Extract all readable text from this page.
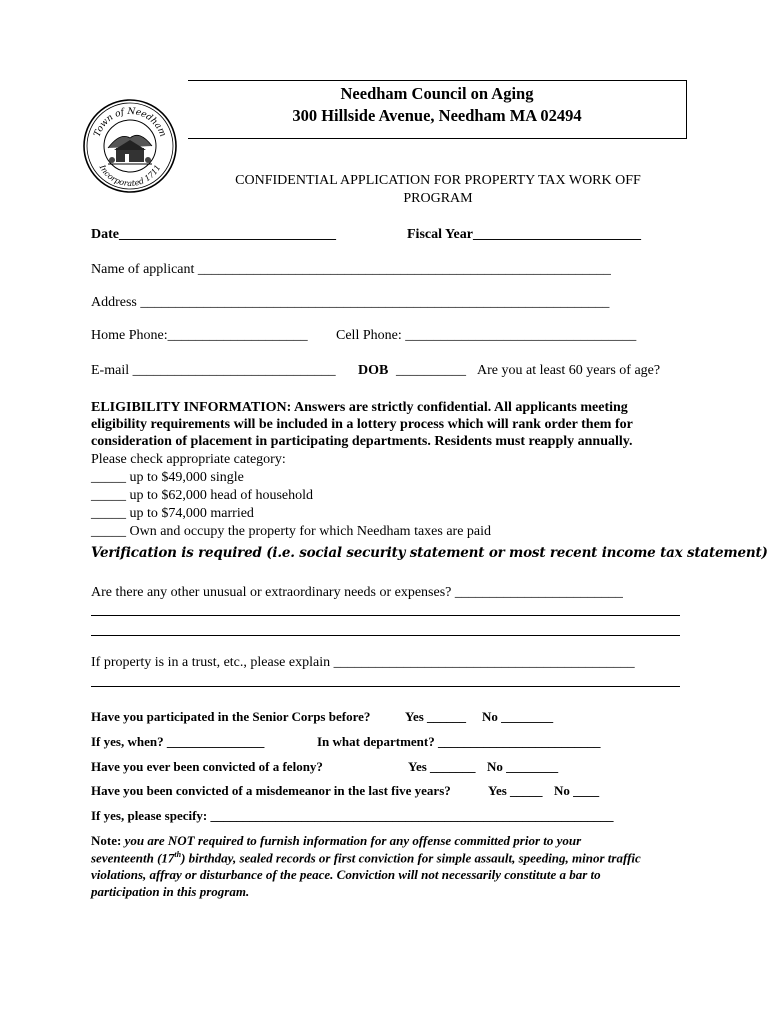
Town of Needham
Incorporated 1711
Needham Council on Aging
300 Hillside Avenue, Needham MA 02494
CONFIDENTIAL APPLICATION FOR PROPERTY TAX WORK OFF
PROGRAM
Date_______________________________	Fiscal Year________________________
Name of applicant ___________________________________________________________
Address ___________________________________________________________________
Home Phone:____________________ Cell Phone: _________________________________
E-mail _____________________________ DOB __________ Are you at least 60 years of age?
ELIGIBILITY INFORMATION: Answers are strictly confidential. All applicants meeting
eligibility requirements will be included in a lottery process which will rank order them for
consideration of placement in participating departments. Residents must reapply annually.
Please check appropriate category:
_____ up to $49,000 single
_____ up to $62,000 head of household
_____ up to $74,000 married
_____ Own and occupy the property for which Needham taxes are paid
Verification is required (i.e. social security statement or most recent income tax statement)
Are there any other unusual or extraordinary needs or expenses? ________________________
If property is in a trust, etc., please explain ___________________________________________
Have you participated in the Senior Corps before?	Yes ______ No ________
If yes, when? _______________	In what department? _________________________
Have you ever been convicted of a felony?	Yes _______ No ________
Have you been convicted of a misdemeanor in the last five years?	Yes _____ No ____
If yes, please specify: ______________________________________________________________
Note: you are NOT required to furnish information for any offense committed prior to your
seventeenth (17th) birthday, sealed records or first conviction for simple assault, speeding, minor traffic
violations, affray or disturbance of the peace. Conviction will not necessarily constitute a bar to
participation in this program.
